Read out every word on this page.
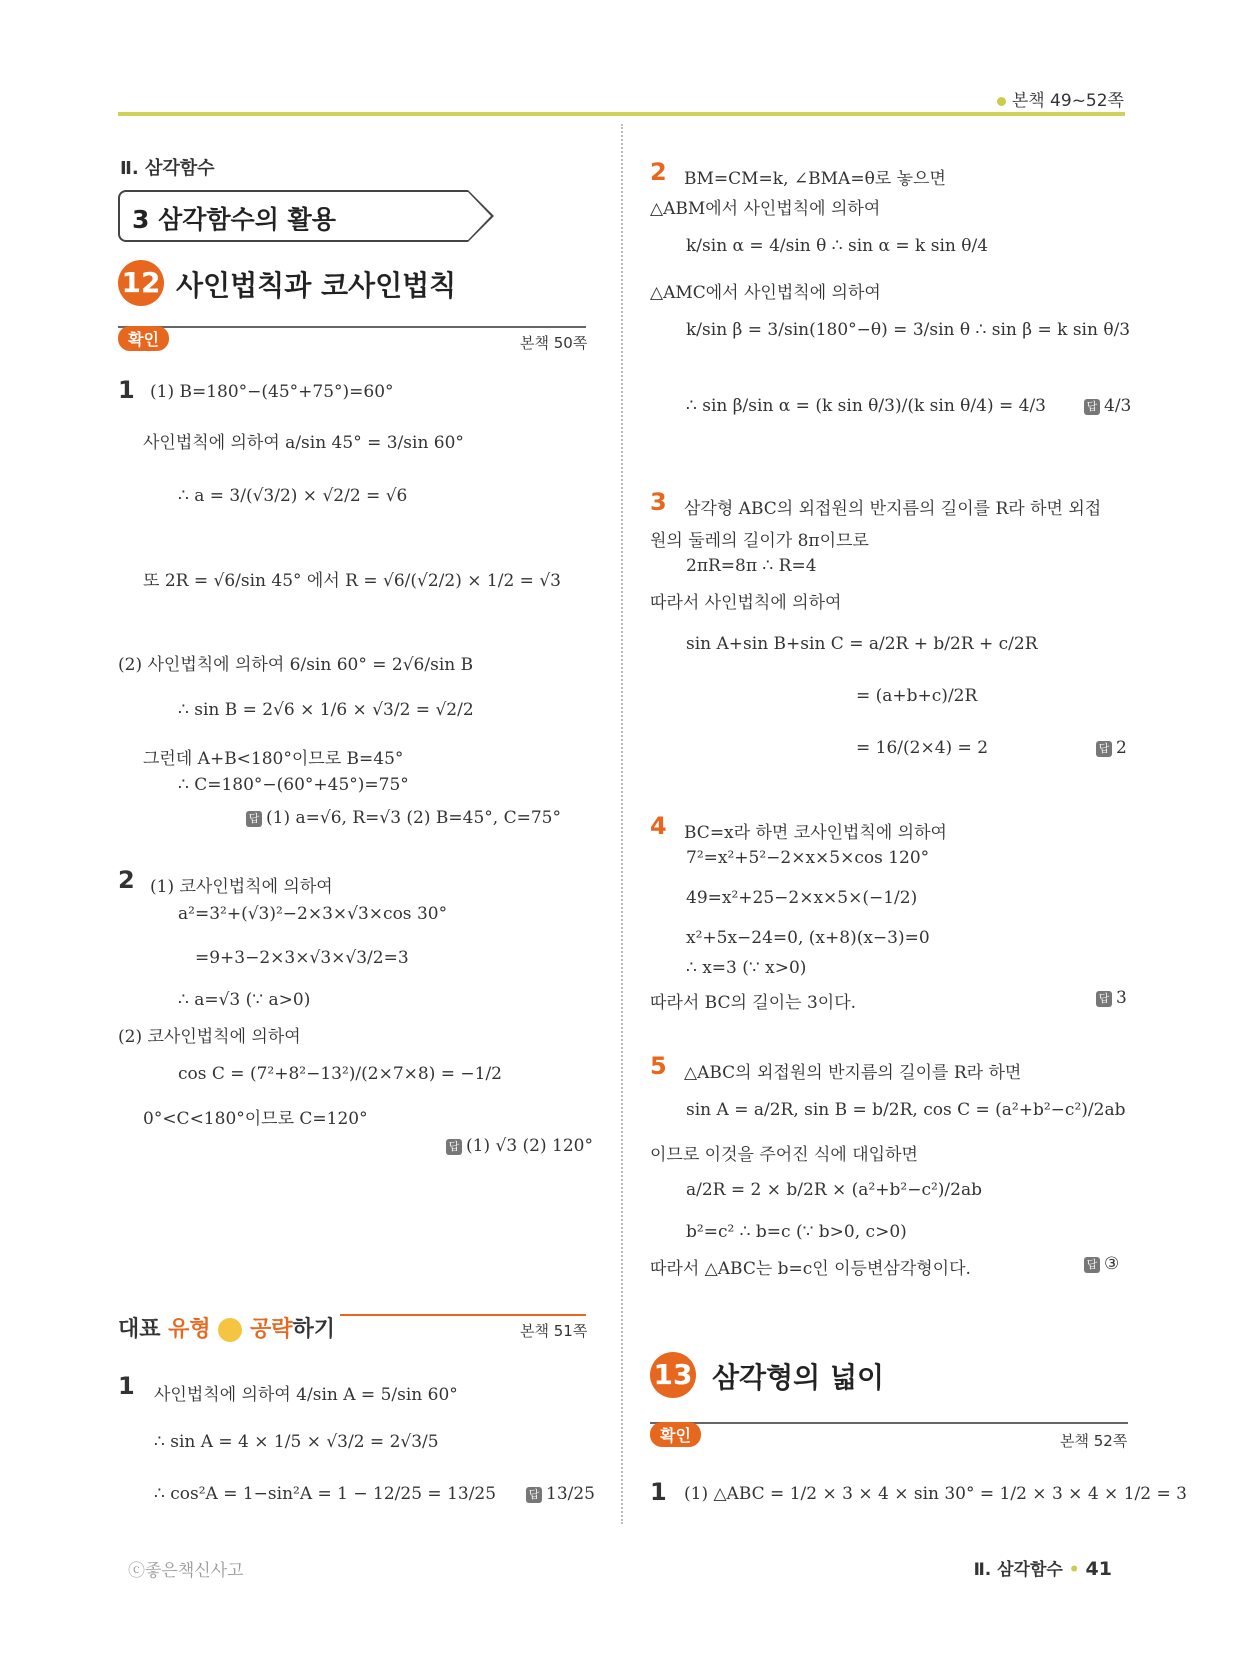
본책 49~52쪽
Ⅱ. 삼각함수
3 삼각함수의 활용
12 사인법칙과 코사인법칙
확인	본책 50쪽
1 (1) B=180°−(45°+75°)=60°
사인법칙에 의하여 a/sin 45° = 3/sin 60°
∴ a = 3/(√3/2) × √2/2 = √6
또 2R = √6/sin 45° 에서 R = √6/(√2/2) × 1/2 = √3
(2) 사인법칙에 의하여 6/sin 60° = 2√6/sin B
∴ sin B = 2√6 × 1/6 × √3/2 = √2/2
그런데 A+B<180°이므로 B=45°
∴ C=180°−(60°+45°)=75°
답 (1) a=√6, R=√3 (2) B=45°, C=75°
2 (1) 코사인법칙에 의하여
a²=3²+(√3)²−2×3×√3×cos 30°
=9+3−2×3×√3×√3/2=3
∴ a=√3 (∵ a>0)
(2) 코사인법칙에 의하여
cos C = (7²+8²−13²)/(2×7×8) = −1/2
0°<C<180°이므로 C=120°
답 (1) √3 (2) 120°
대표 유형 공략하기	본책 51쪽
1 사인법칙에 의하여 4/sin A = 5/sin 60°
∴ sin A = 4 × 1/5 × √3/2 = 2√3/5
∴ cos²A = 1−sin²A = 1 − 12/25 = 13/25	답 13/25
2 BM=CM=k, ∠BMA=θ로 놓으면
△ABM에서 사인법칙에 의하여
k/sin α = 4/sin θ ∴ sin α = k sin θ/4
△AMC에서 사인법칙에 의하여
k/sin β = 3/sin(180°−θ) = 3/sin θ ∴ sin β = k sin θ/3
∴ sin β/sin α = (k sin θ/3)/(k sin θ/4) = 4/3	답 4/3
3 삼각형 ABC의 외접원의 반지름의 길이를 R라 하면 외접
원의 둘레의 길이가 8π이므로
2πR=8π ∴ R=4
따라서 사인법칙에 의하여
sin A+sin B+sin C = a/2R + b/2R + c/2R
= (a+b+c)/2R
= 16/(2×4) = 2	답 2
4 BC=x라 하면 코사인법칙에 의하여
7²=x²+5²−2×x×5×cos 120°
49=x²+25−2×x×5×(−1/2)
x²+5x−24=0, (x+8)(x−3)=0
∴ x=3 (∵ x>0)
따라서 BC의 길이는 3이다.	답 3
5 △ABC의 외접원의 반지름의 길이를 R라 하면
sin A = a/2R, sin B = b/2R, cos C = (a²+b²−c²)/2ab
이므로 이것을 주어진 식에 대입하면
a/2R = 2 × b/2R × (a²+b²−c²)/2ab
b²=c² ∴ b=c (∵ b>0, c>0)
따라서 △ABC는 b=c인 이등변삼각형이다.	답 ③
13 삼각형의 넓이
확인	본책 52쪽
1 (1) △ABC = 1/2 × 3 × 4 × sin 30° = 1/2 × 3 × 4 × 1/2 = 3
ⓒ좋은책신사고	Ⅱ. 삼각함수 • 41
